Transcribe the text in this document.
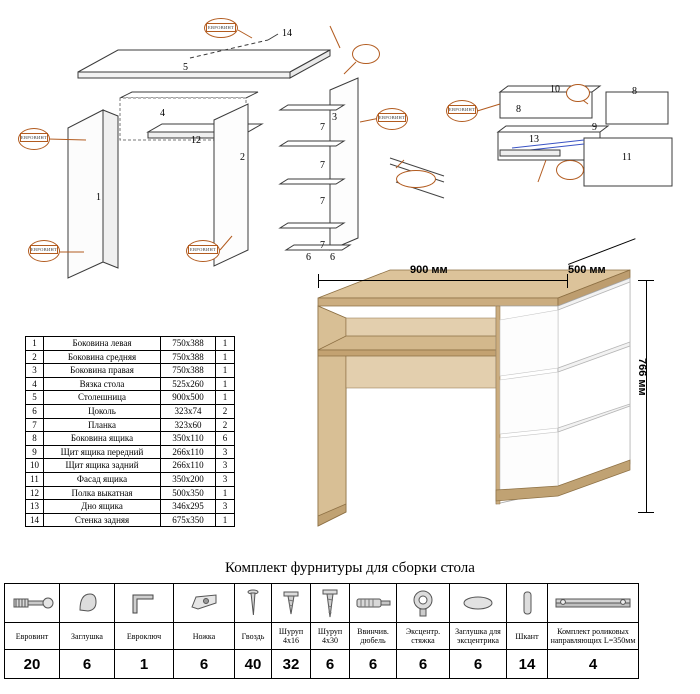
14
5
4
12
2
1
3
7
7
7
7
6 6
10
8
13
9
8
11
ЕВРОВИНТ
ЕВРОВИНТ	ЕВРОВИНТ
ЕВРОВИНТ
ЕВРОВИНТ
ЕВРОВИНТ
1	Боковина левая	750x388	1
2	Боковина средняя	750x388	1
3	Боковина правая	750x388	1
4	Вязка стола	525x260	1
5	Столешница	900x500	1
6	Цоколь	323x74	2
7	Планка	323x60	2
8	Боковина ящика	350x110	6
9	Щит ящика передний	266x110	3
10	Щит ящика задний	266x110	3
11	Фасад ящика	350x200	3
12	Полка выкатная	500x350	1
13	Дно ящика	346x295	3
14	Стенка задняя	675x350	1
900 мм	500 мм
766 мм
Комплект фурнитуры для сборки стола

Евровинт	Заглушка	Евроключ	Ножка	Гвоздь	Шуруп 4x16	Шуруп 4x30	Ввинчив. дюбель	Эксцентр. стяжка	Заглушка для эксцентрика	Шкант	Комплект роликовых направляющих L=350мм
20	6	1	6	40	32	6	6	6	6	14	4
